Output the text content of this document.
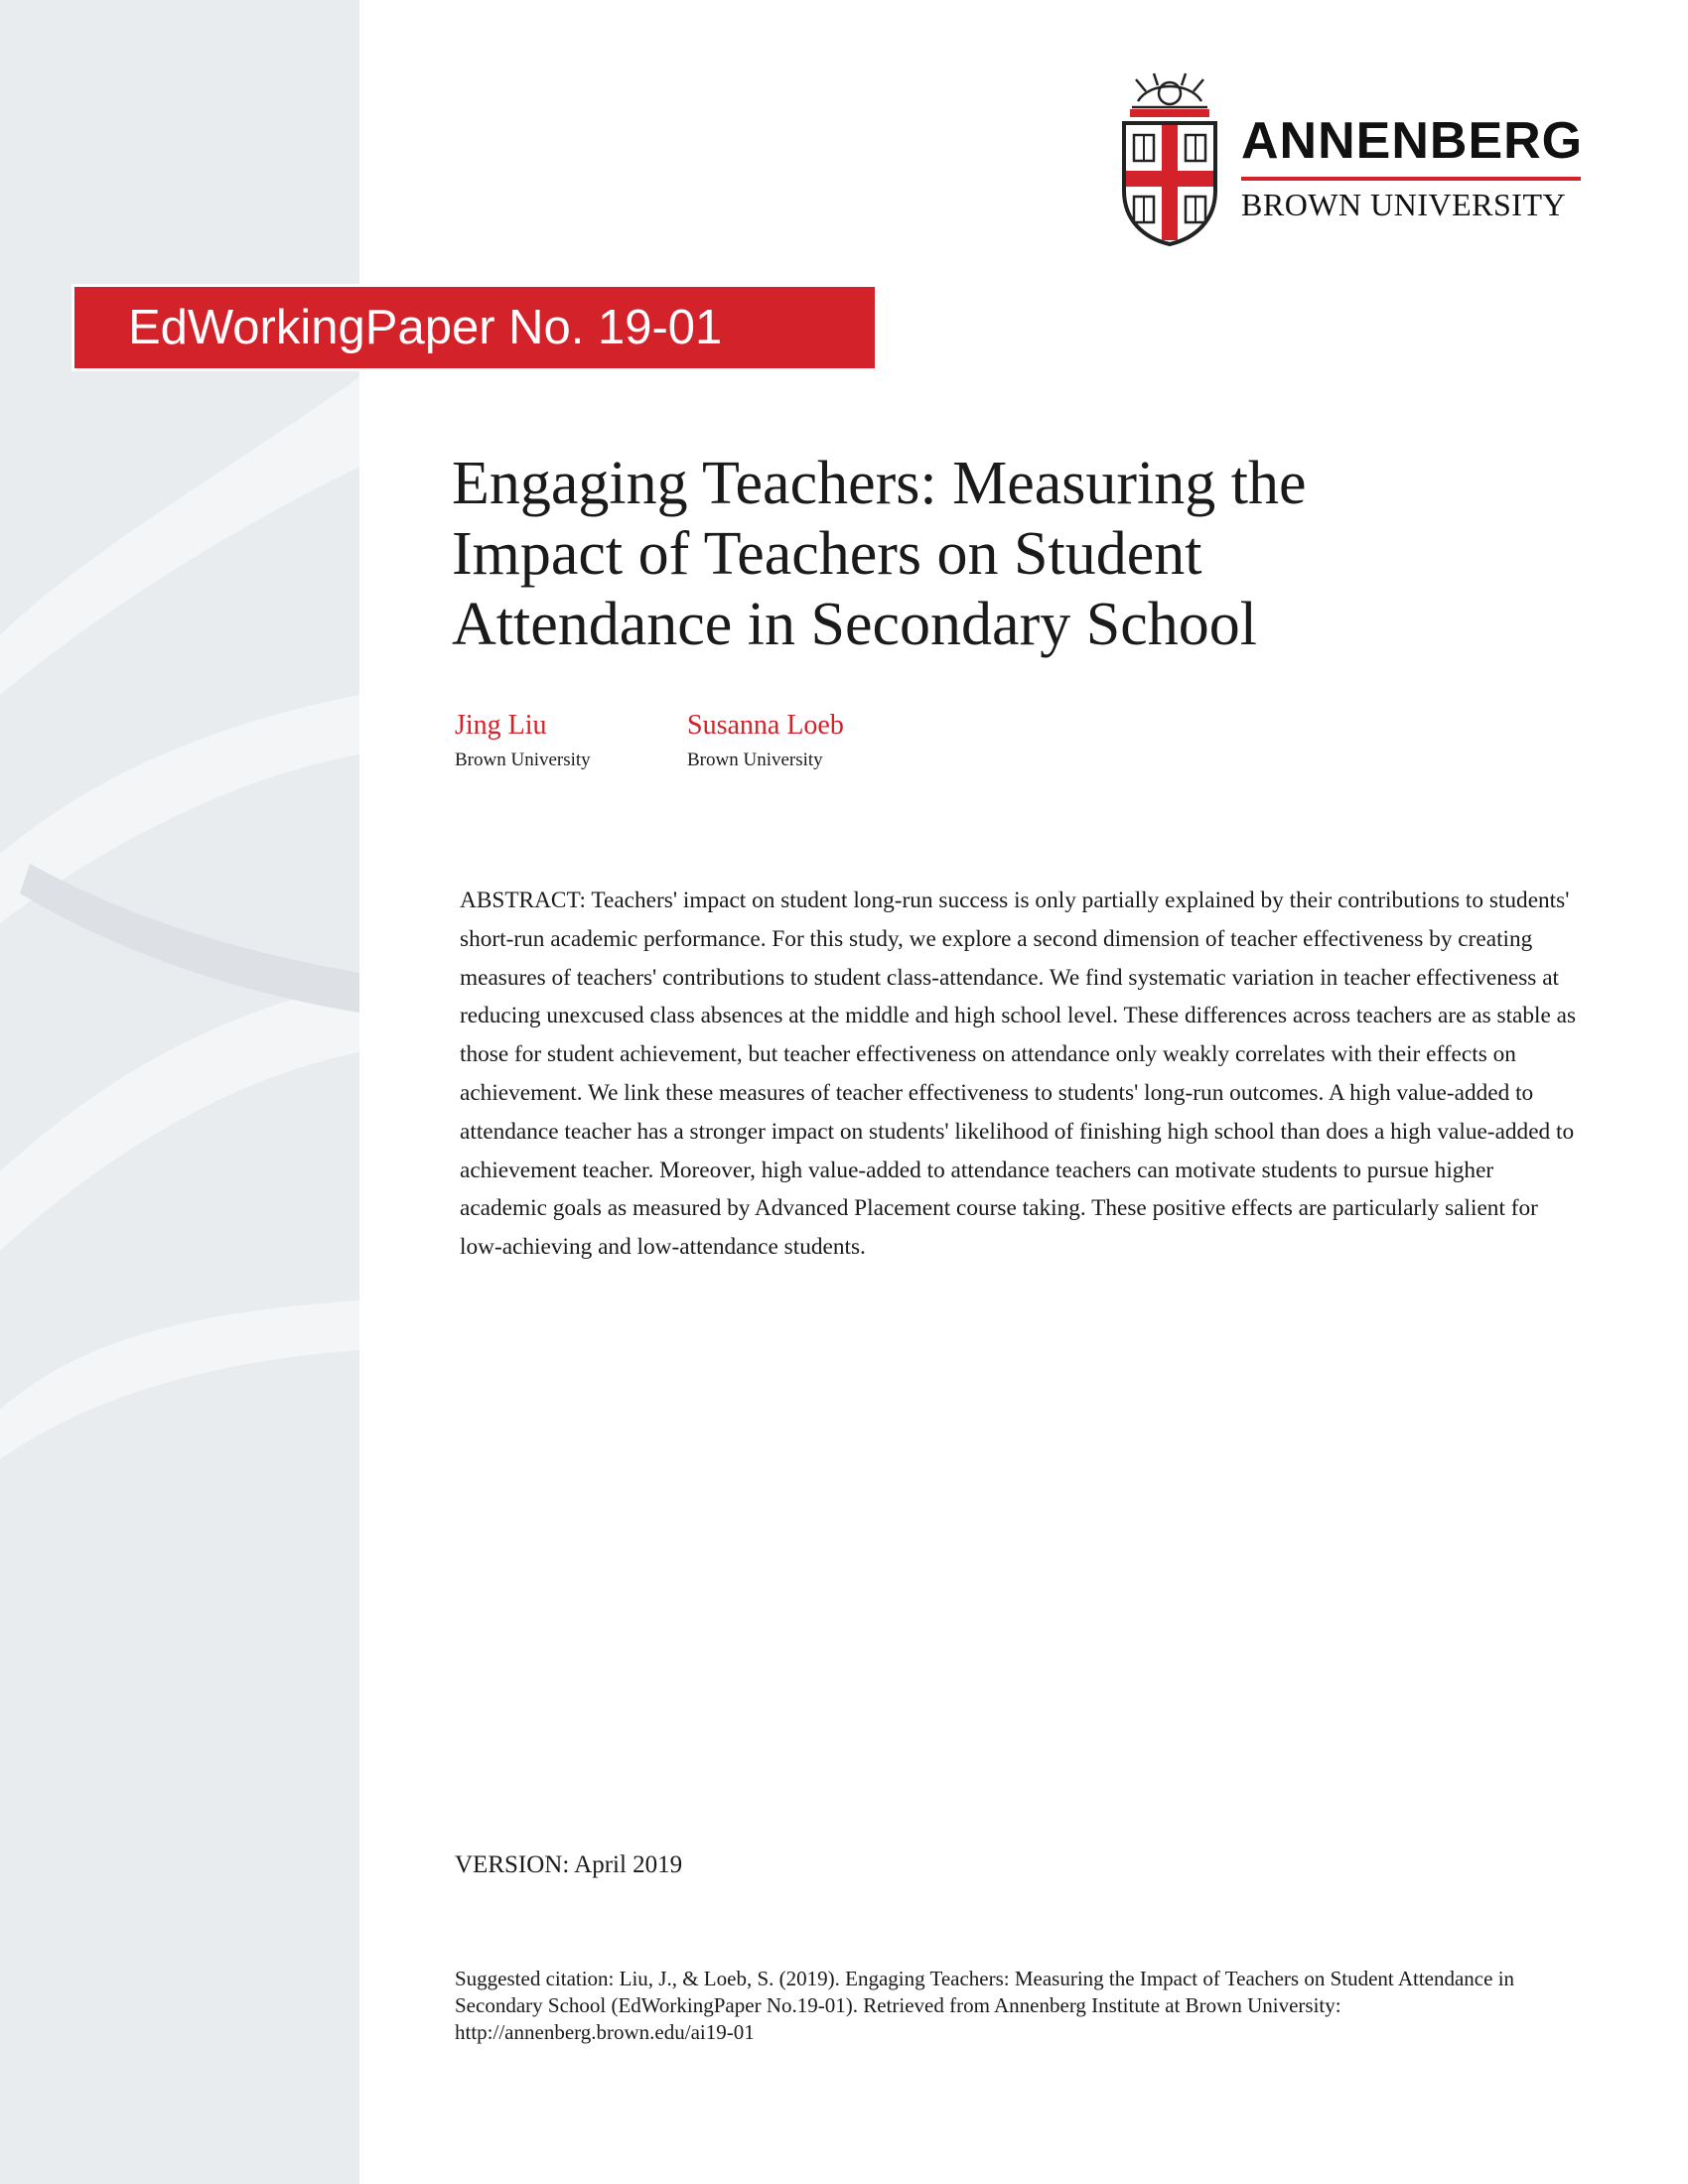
ANNENBERG
BROWN UNIVERSITY
EdWorkingPaper No. 19-01
Engaging Teachers: Measuring the
Impact of Teachers on Student
Attendance in Secondary School
Jing Liu
Brown University
Susanna Loeb
Brown University

ABSTRACT: Teachers' impact on student long-run success is only partially explained by their contributions to students' short-run academic performance. For this study, we explore a second dimension of teacher effectiveness by creating measures of teachers' contributions to student class-attendance. We find systematic variation in teacher effectiveness at reducing unexcused class absences at the middle and high school level. These differences across teachers are as stable as those for student achievement, but teacher effectiveness on attendance only weakly correlates with their effects on achievement. We link these measures of teacher effectiveness to students' long-run outcomes. A high value-added to attendance teacher has a stronger impact on students' likelihood of finishing high school than does a high value-added to achievement teacher. Moreover, high value-added to attendance teachers can motivate students to pursue higher academic goals as measured by Advanced Placement course taking. These positive effects are particularly salient for low-achieving and low-attendance students.

VERSION: April 2019

Suggested citation: Liu, J., & Loeb, S. (2019). Engaging Teachers: Measuring the Impact of Teachers on Student Attendance in Secondary School (EdWorkingPaper No.19-01). Retrieved from Annenberg Institute at Brown University: http://annenberg.brown.edu/ai19-01
